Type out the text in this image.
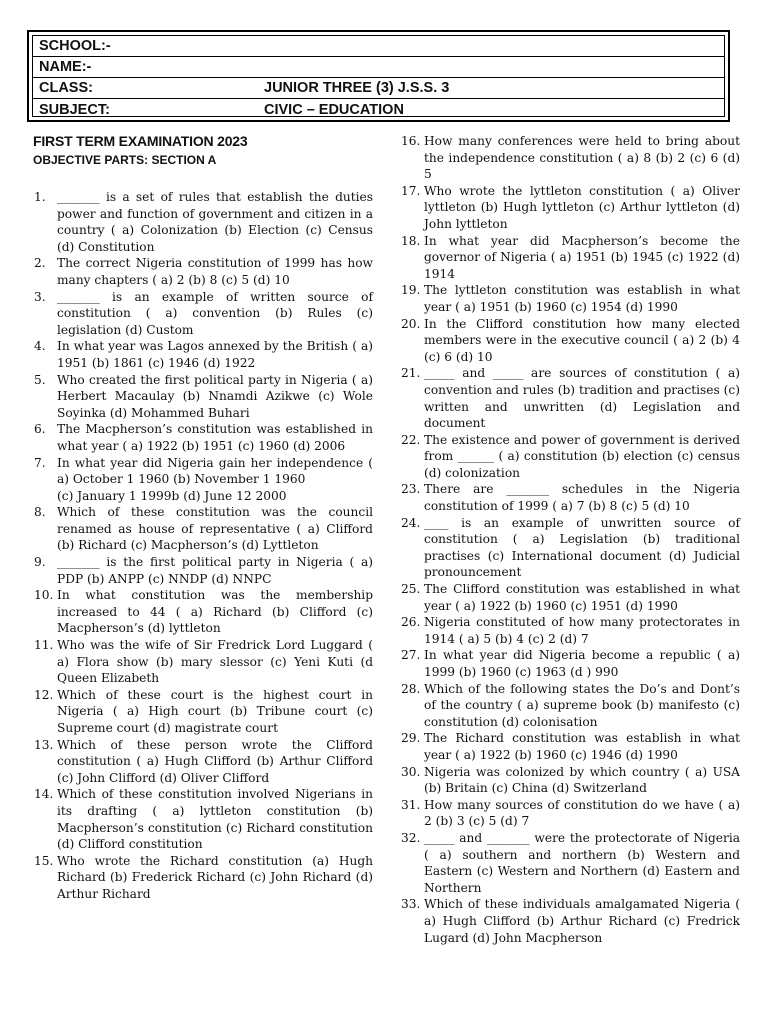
SCHOOL:-
NAME:-
CLASS:	JUNIOR THREE (3) J.S.S. 3
SUBJECT:	CIVIC – EDUCATION
FIRST TERM EXAMINATION 2023
OBJECTIVE PARTS: SECTION A
1. _______ is a set of rules that establish the duties power and function of government and citizen in a country ( a) Colonization (b) Election (c) Census (d) Constitution
2. The correct Nigeria constitution of 1999 has how many chapters ( a) 2 (b) 8 (c) 5 (d) 10
3. _______ is an example of written source of constitution ( a) convention (b) Rules (c) legislation (d) Custom
4. In what year was Lagos annexed by the British ( a) 1951 (b) 1861 (c) 1946 (d) 1922
5. Who created the first political party in Nigeria ( a) Herbert Macaulay (b) Nnamdi Azikwe (c) Wole Soyinka (d) Mohammed Buhari
6. The Macpherson’s constitution was established in what year ( a) 1922 (b) 1951 (c) 1960 (d) 2006
7. In what year did Nigeria gain her independence ( a) October 1 1960 (b) November 1 1960
(c) January 1 1999b (d) June 12 2000
8. Which of these constitution was the council renamed as house of representative ( a) Clifford (b) Richard (c) Macpherson’s (d) Lyttleton
9. _______ is the first political party in Nigeria ( a) PDP (b) ANPP (c) NNDP (d) NNPC
10. In what constitution was the membership increased to 44 ( a) Richard (b) Clifford (c) Macpherson’s (d) lyttleton
11. Who was the wife of Sir Fredrick Lord Luggard ( a) Flora show (b) mary slessor (c) Yeni Kuti (d Queen Elizabeth
12. Which of these court is the highest court in Nigeria ( a) High court (b) Tribune court (c) Supreme court (d) magistrate court
13. Which of these person wrote the Clifford constitution ( a) Hugh Clifford (b) Arthur Clifford (c) John Clifford (d) Oliver Clifford
14. Which of these constitution involved Nigerians in its drafting ( a) lyttleton constitution (b) Macpherson’s constitution (c) Richard constitution (d) Clifford constitution
15. Who wrote the Richard constitution (a) Hugh Richard (b) Frederick Richard (c) John Richard (d) Arthur Richard
16. How many conferences were held to bring about the independence constitution ( a) 8 (b) 2 (c) 6 (d) 5
17. Who wrote the lyttleton constitution ( a) Oliver lyttleton (b) Hugh lyttleton (c) Arthur lyttleton (d) John lyttleton
18. In what year did Macpherson’s become the governor of Nigeria ( a) 1951 (b) 1945 (c) 1922 (d) 1914
19. The lyttleton constitution was establish in what year ( a) 1951 (b) 1960 (c) 1954 (d) 1990
20. In the Clifford constitution how many elected members were in the executive council ( a) 2 (b) 4 (c) 6 (d) 10
21. _____ and _____ are sources of constitution ( a) convention and rules (b) tradition and practises (c) written and unwritten (d) Legislation and document
22. The existence and power of government is derived from ______ ( a) constitution (b) election (c) census (d) colonization
23. There are _______ schedules in the Nigeria constitution of 1999 ( a) 7 (b) 8 (c) 5 (d) 10
24. ____ is an example of unwritten source of constitution ( a) Legislation (b) traditional practises (c) International document (d) Judicial pronouncement
25. The Clifford constitution was established in what year ( a) 1922 (b) 1960 (c) 1951 (d) 1990
26. Nigeria constituted of how many protectorates in 1914 ( a) 5 (b) 4 (c) 2 (d) 7
27. In what year did Nigeria become a republic ( a) 1999 (b) 1960 (c) 1963 (d ) 990
28. Which of the following states the Do’s and Dont’s of the country ( a) supreme book (b) manifesto (c) constitution (d) colonisation
29. The Richard constitution was establish in what year ( a) 1922 (b) 1960 (c) 1946 (d) 1990
30. Nigeria was colonized by which country ( a) USA (b) Britain (c) China (d) Switzerland
31. How many sources of constitution do we have ( a) 2 (b) 3 (c) 5 (d) 7
32. _____ and _______ were the protectorate of Nigeria ( a) southern and northern (b) Western and Eastern (c) Western and Northern (d) Eastern and Northern
33. Which of these individuals amalgamated Nigeria ( a) Hugh Clifford (b) Arthur Richard (c) Fredrick Lugard (d) John Macpherson
